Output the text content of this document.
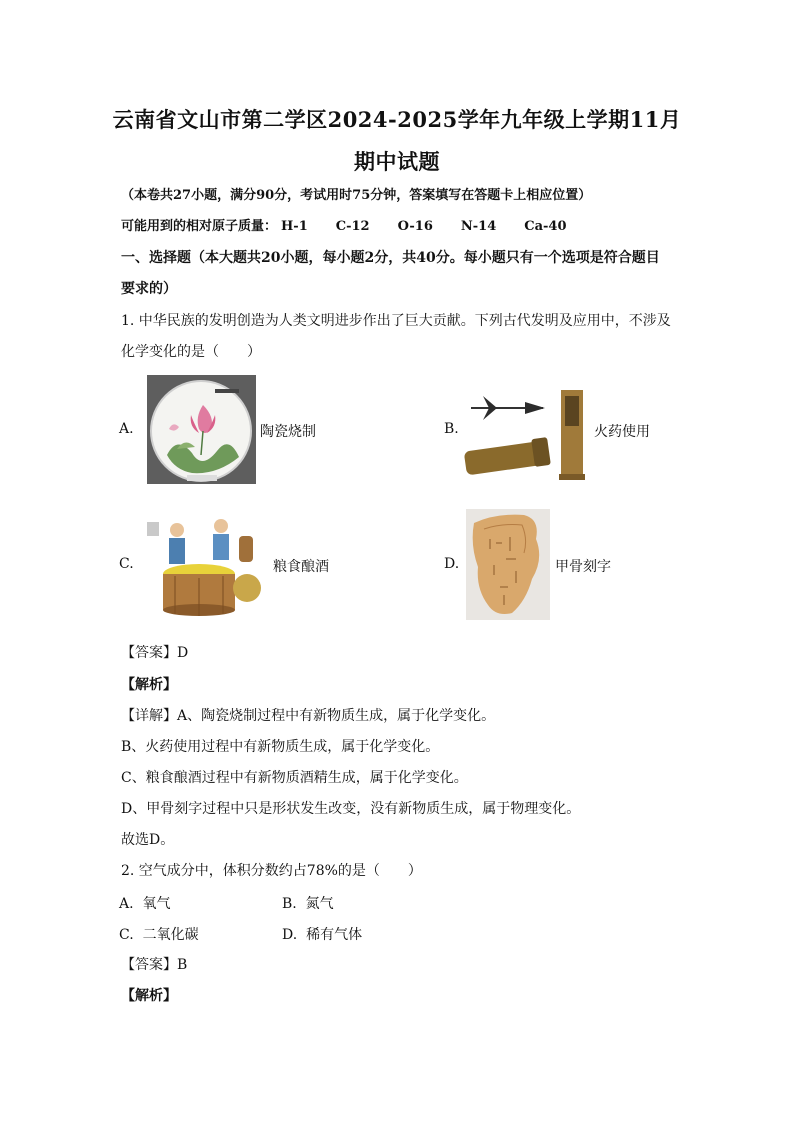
云南省文山市第二学区2024-2025学年九年级上学期11月
期中试题
（本卷共27小题，满分90分，考试用时75分钟，答案填写在答题卡上相应位置）
可能用到的相对原子质量： H-1 C-12 O-16 N-14 Ca-40
一、选择题（本大题共20小题，每小题2分，共40分。每小题只有一个选项是符合题目
要求的）
1. 中华民族的发明创造为人类文明进步作出了巨大贡献。下列古代发明及应用中，不涉及
化学变化的是（　　）
A.	陶瓷烧制	B.	火药使用
C.	粮食酿酒	D.	甲骨刻字
【答案】D
【解析】
【详解】A、陶瓷烧制过程中有新物质生成，属于化学变化。
B、火药使用过程中有新物质生成，属于化学变化。
C、粮食酿酒过程中有新物质酒精生成，属于化学变化。
D、甲骨刻字过程中只是形状发生改变，没有新物质生成，属于物理变化。
故选D。
2. 空气成分中，体积分数约占78%的是（　　）
A. 氧气	B. 氮气
C. 二氧化碳	D. 稀有气体
【答案】B
【解析】
